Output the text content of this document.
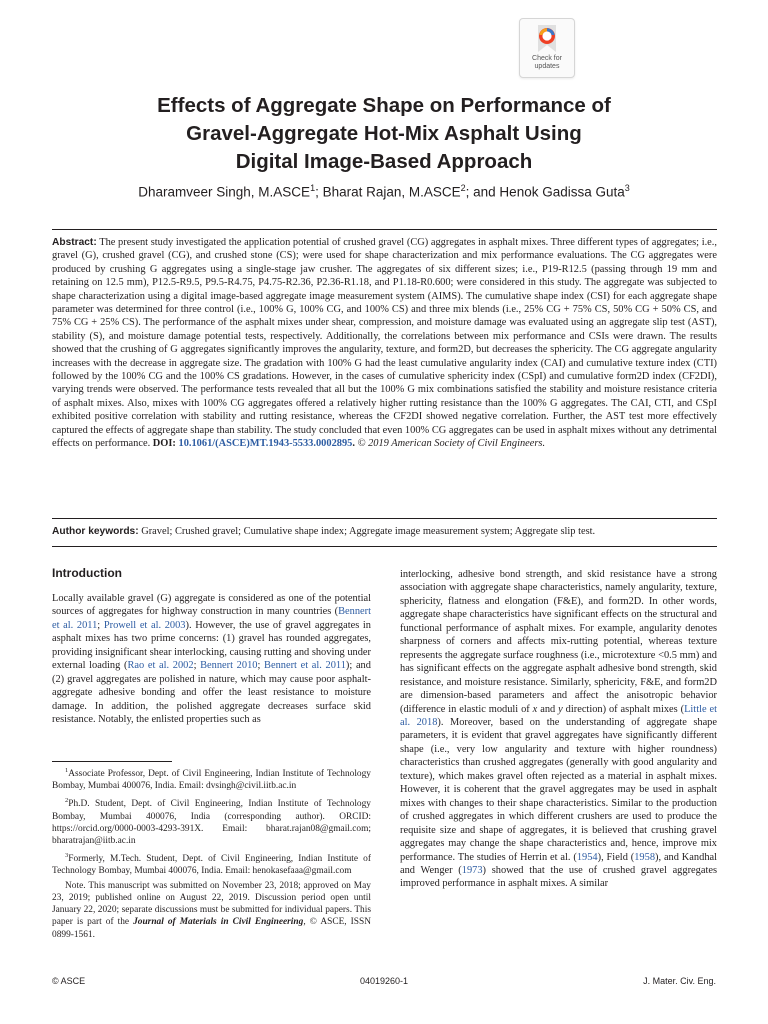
Check for
updates
Effects of Aggregate Shape on Performance of
Gravel-Aggregate Hot-Mix Asphalt Using
Digital Image-Based Approach
Dharamveer Singh, M.ASCE$^1$; Bharat Rajan, M.ASCE$^2$; and Henok Gadissa Guta$^3$
Abstract: The present study investigated the application potential of crushed gravel (CG) aggregates in asphalt mixes. Three different types of aggregates; i.e., gravel (G), crushed gravel (CG), and crushed stone (CS); were used for shape characterization and mix performance evaluations. The CG aggregates were produced by crushing G aggregates using a single-stage jaw crusher. The aggregates of six different sizes; i.e., P19-R12.5 (passing through 19 mm and retaining on 12.5 mm), P12.5-R9.5, P9.5-R4.75, P4.75-R2.36, P2.36-R1.18, and P1.18-R0.600; were considered in this study. The aggregate was subjected to shape characterization using a digital image-based aggregate image measurement system (AIMS). The cumulative shape index (CSI) for each aggregate shape parameter was determined for three control (i.e., 100% G, 100% CG, and 100% CS) and three mix blends (i.e., 25% CG + 75% CS, 50% CG + 50% CS, and 75% CG + 25% CS). The performance of the asphalt mixes under shear, compression, and moisture damage was evaluated using an aggregate slip test (AST), stability (S), and moisture damage potential tests, respectively. Additionally, the correlations between mix performance and CSIs were drawn. The results showed that the crushing of G aggregates significantly improves the angularity, texture, and form2D, but decreases the sphericity. The CG aggregate angularity increases with the decrease in aggregate size. The gradation with 100% G had the least cumulative angularity index (CAI) and cumulative texture index (CTI) followed by the 100% CG and the 100% CS gradations. However, in the cases of cumulative sphericity index (CSpI) and cumulative form2D index (CF2DI), varying trends were observed. The performance tests revealed that all but the 100% G mix combinations satisfied the stability and moisture resistance criteria of asphalt mixes. Also, mixes with 100% CG aggregates offered a relatively higher rutting resistance than the 100% G aggregates. The CAI, CTI, and CSpI exhibited positive correlation with stability and rutting resistance, whereas the CF2DI showed negative correlation. Further, the AST test more effectively captured the effects of aggregate shape than stability. The study concluded that even 100% CG aggregates can be used in asphalt mixes without any detrimental effects on performance. DOI: 10.1061/(ASCE)MT.1943-5533.0002895. © 2019 American Society of Civil Engineers.
Author keywords: Gravel; Crushed gravel; Cumulative shape index; Aggregate image measurement system; Aggregate slip test.
Introduction
Locally available gravel (G) aggregate is considered as one of the potential sources of aggregates for highway construction in many countries (Bennert et al. 2011; Prowell et al. 2003). However, the use of gravel aggregates in asphalt mixes has two prime concerns: (1) gravel has rounded aggregates, providing insignificant shear interlocking, causing rutting and shoving under external loading (Rao et al. 2002; Bennert 2010; Bennert et al. 2011); and (2) gravel aggregates are polished in nature, which may cause poor asphalt-aggregate adhesive bonding and offer the least resistance to moisture damage. In addition, the polished aggregate decreases surface skid resistance. Notably, the enlisted properties such as

$^1$Associate Professor, Dept. of Civil Engineering, Indian Institute of Technology Bombay, Mumbai 400076, India. Email: dvsingh@civil.iitb.ac.in

$^2$Ph.D. Student, Dept. of Civil Engineering, Indian Institute of Technology Bombay, Mumbai 400076, India (corresponding author). ORCID: https://orcid.org/0000-0003-4293-391X. Email: bharat.rajan08@gmail.com; bharatrajan@iitb.ac.in

$^3$Formerly, M.Tech. Student, Dept. of Civil Engineering, Indian Institute of Technology Bombay, Mumbai 400076, India. Email: henokasefaaa@gmail.com

Note. This manuscript was submitted on November 23, 2018; approved on May 23, 2019; published online on August 22, 2019. Discussion period open until January 22, 2020; separate discussions must be submitted for individual papers. This paper is part of the Journal of Materials in Civil Engineering, © ASCE, ISSN 0899-1561.

interlocking, adhesive bond strength, and skid resistance have a strong association with aggregate shape characteristics, namely angularity, texture, sphericity, flatness and elongation (F&E), and form2D. In other words, aggregate shape characteristics have significant effects on the structural and functional performance of asphalt mixes. For example, angularity denotes sharpness of corners and affects mix-rutting potential, whereas texture represents the aggregate surface roughness (i.e., microtexture <0.5 mm) and has significant effects on the aggregate asphalt adhesive bond strength, skid resistance, and moisture resistance. Similarly, sphericity, F&E, and form2D are dimension-based parameters and affect the anisotropic behavior (difference in elastic moduli of x and y direction) of asphalt mixes (Little et al. 2018). Moreover, based on the understanding of aggregate shape parameters, it is evident that gravel aggregates have significantly different shape (i.e., very low angularity and texture with higher roundness) characteristics than crushed aggregates (generally with good angularity and texture), which makes gravel often rejected as a material in asphalt mixes. However, it is coherent that the gravel aggregates may be used in asphalt mixes with changes to their shape characteristics. Similar to the production of crushed aggregates in which different crushers are used to produce the requisite size and shape of aggregates, it is believed that crushing gravel aggregates may change the shape characteristics and, hence, improve mix performance. The studies of Herrin et al. (1954), Field (1958), and Kandhal and Wenger (1973) showed that the use of crushed gravel aggregates improved performance in asphalt mixes. A similar
© ASCE	04019260-1	J. Mater. Civ. Eng.
